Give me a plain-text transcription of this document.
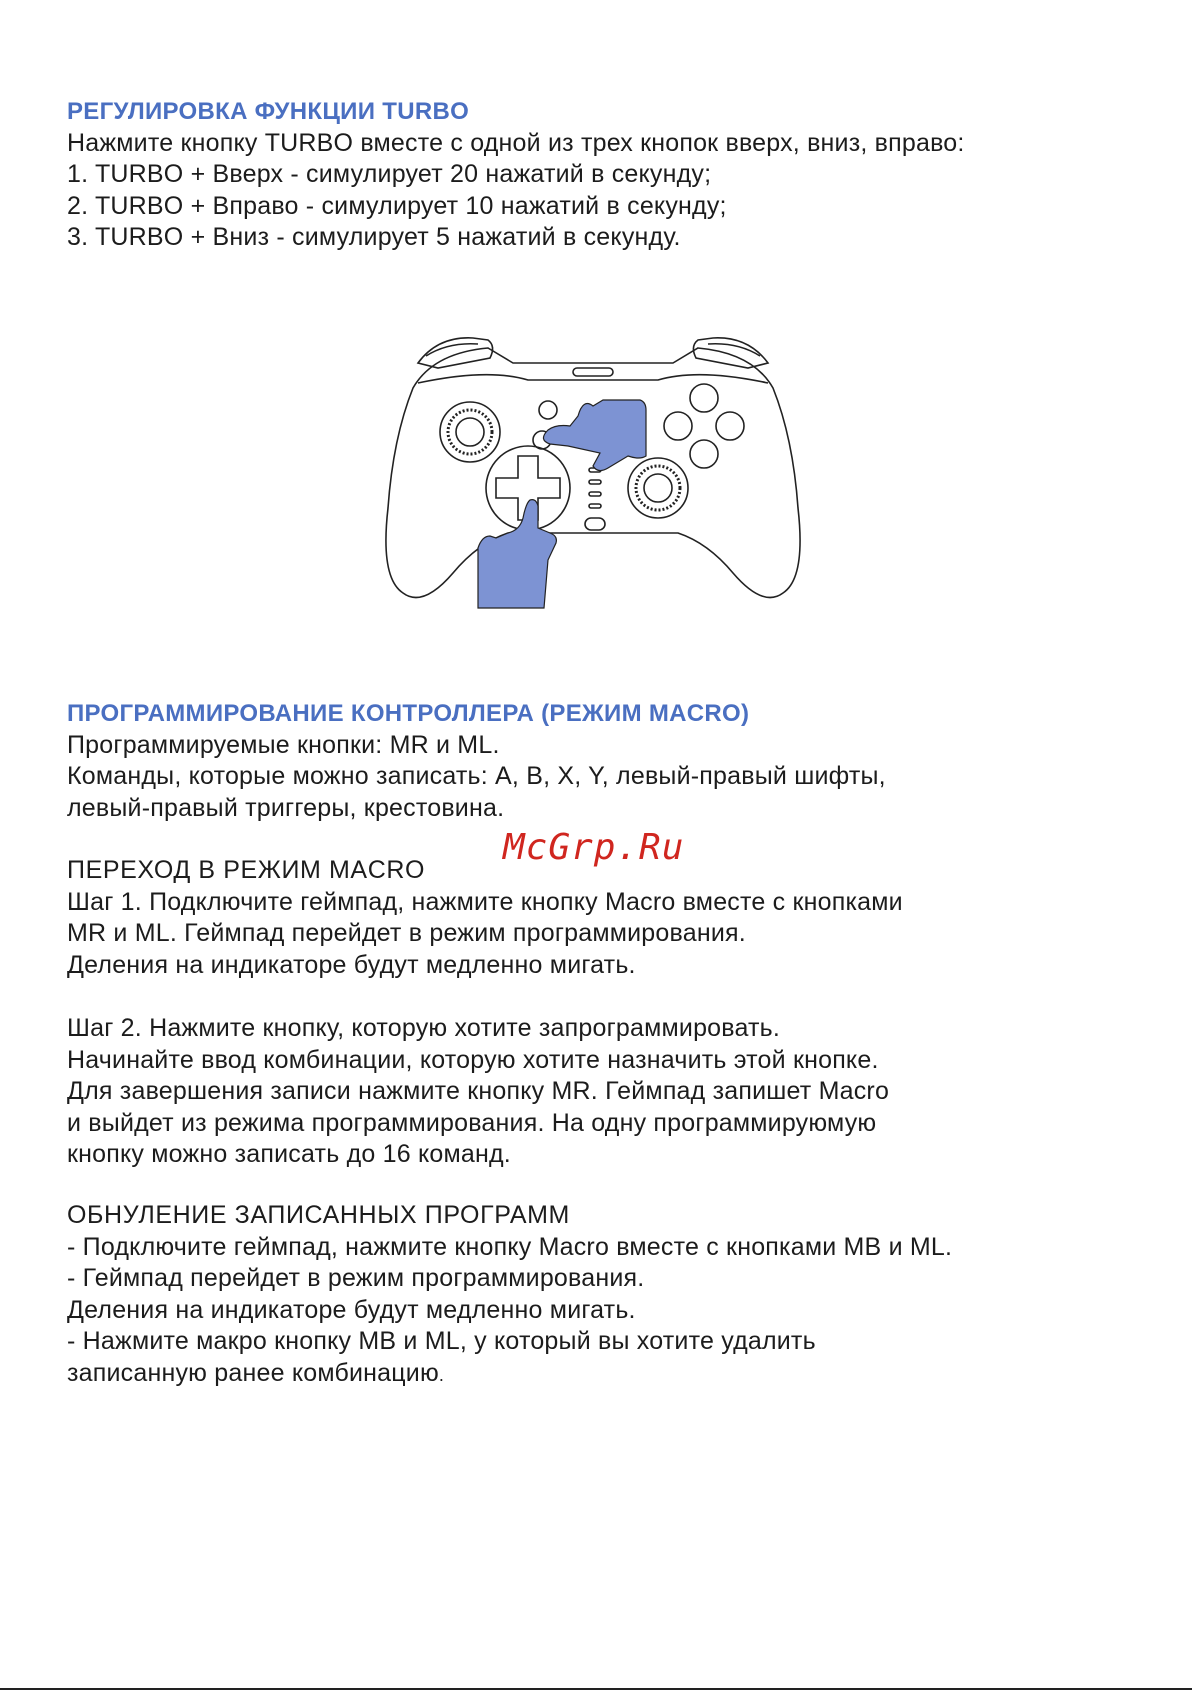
РЕГУЛИРОВКА ФУНКЦИИ TURBO
Нажмите кнопку TURBO вместе с одной из трех кнопок вверх, вниз, вправо:
1. TURBO + Вверх - симулирует 20 нажатий в секунду;
2. TURBO + Вправо - симулирует 10 нажатий в секунду;
3. TURBO + Вниз - симулирует 5 нажатий в секунду.
ПРОГРАММИРОВАНИЕ КОНТРОЛЛЕРА (РЕЖИМ MACRO)
Программируемые кнопки: MR и ML.
Команды, которые можно записать: A, B, X, Y, левый-правый шифты,
левый-правый триггеры, крестовина.
McGrp.Ru
ПЕРЕХОД В РЕЖИМ MACRO
Шаг 1. Подключите геймпад, нажмите кнопку Macro вместе с кнопками
MR и ML. Геймпад перейдет в режим программирования.
Деления на индикаторе будут медленно мигать.
Шаг 2. Нажмите кнопку, которую хотите запрограммировать.
Начинайте ввод комбинации, которую хотите назначить этой кнопке.
Для завершения записи нажмите кнопку MR. Геймпад запишет Macro
и выйдет из режима программирования. На одну программируюмую
кнопку можно записать до 16 команд.
ОБНУЛЕНИЕ ЗАПИСАННЫХ ПРОГРАММ
- Подключите геймпад, нажмите кнопку Macro вместе с кнопками MB и ML.
- Геймпад перейдет в режим программирования.
Деления на индикаторе будут медленно мигать.
- Нажмите макро кнопку MB и ML, у который вы хотите удалить
записанную ранее комбинацию.
